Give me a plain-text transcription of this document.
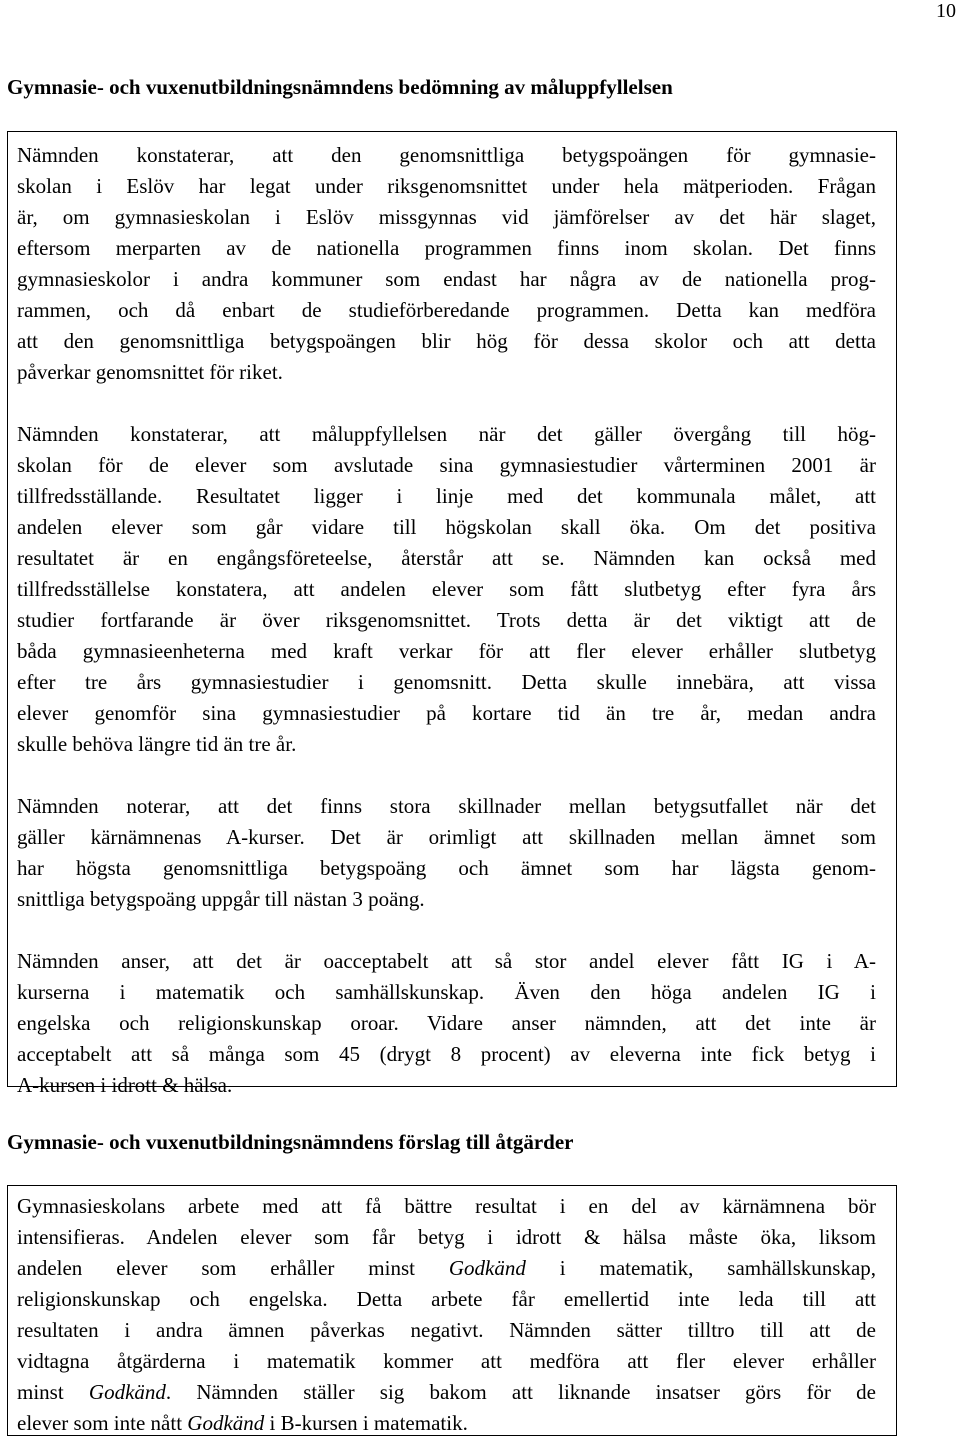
10
Gymnasie- och vuxenutbildningsnämndens bedömning av måluppfyllelsen

Nämnden konstaterar, att den genomsnittliga betygspoängen för gymnasie-
skolan i Eslöv har legat under riksgenomsnittet under hela mätperioden. Frågan
är, om gymnasieskolan i Eslöv missgynnas vid jämförelser av det här slaget,
eftersom merparten av de nationella programmen finns inom skolan. Det finns
gymnasieskolor i andra kommuner som endast har några av de nationella prog-
rammen, och då enbart de studieförberedande programmen. Detta kan medföra
att den genomsnittliga betygspoängen blir hög för dessa skolor och att detta
påverkar genomsnittet för riket.

Nämnden konstaterar, att måluppfyllelsen när det gäller övergång till hög-
skolan för de elever som avslutade sina gymnasiestudier vårterminen 2001 är
tillfredsställande. Resultatet ligger i linje med det kommunala målet, att
andelen elever som går vidare till högskolan skall öka. Om det positiva
resultatet är en engångsföreteelse, återstår att se. Nämnden kan också med
tillfredsställelse konstatera, att andelen elever som fått slutbetyg efter fyra års
studier fortfarande är över riksgenomsnittet. Trots detta är det viktigt att de
båda gymnasieenheterna med kraft verkar för att fler elever erhåller slutbetyg
efter tre års gymnasiestudier i genomsnitt. Detta skulle innebära, att vissa
elever genomför sina gymnasiestudier på kortare tid än tre år, medan andra
skulle behöva längre tid än tre år.

Nämnden noterar, att det finns stora skillnader mellan betygsutfallet när det
gäller kärnämnenas A-kurser. Det är orimligt att skillnaden mellan ämnet som
har högsta genomsnittliga betygspoäng och ämnet som har lägsta genom-
snittliga betygspoäng uppgår till nästan 3 poäng.

Nämnden anser, att det är oacceptabelt att så stor andel elever fått IG i A-
kurserna i matematik och samhällskunskap. Även den höga andelen IG i
engelska och religionskunskap oroar. Vidare anser nämnden, att det inte är
acceptabelt att så många som 45 (drygt 8 procent) av eleverna inte fick betyg i
A-kursen i idrott & hälsa.

Gymnasie- och vuxenutbildningsnämndens förslag till åtgärder

Gymnasieskolans arbete med att få bättre resultat i en del av kärnämnena bör
intensifieras. Andelen elever som får betyg i idrott & hälsa måste öka, liksom
andelen elever som erhåller minst Godkänd i matematik, samhällskunskap,
religionskunskap och engelska. Detta arbete får emellertid inte leda till att
resultaten i andra ämnen påverkas negativt. Nämnden sätter tilltro till att de
vidtagna åtgärderna i matematik kommer att medföra att fler elever erhåller
minst Godkänd. Nämnden ställer sig bakom att liknande insatser görs för de
elever som inte nått Godkänd i B-kursen i matematik.
